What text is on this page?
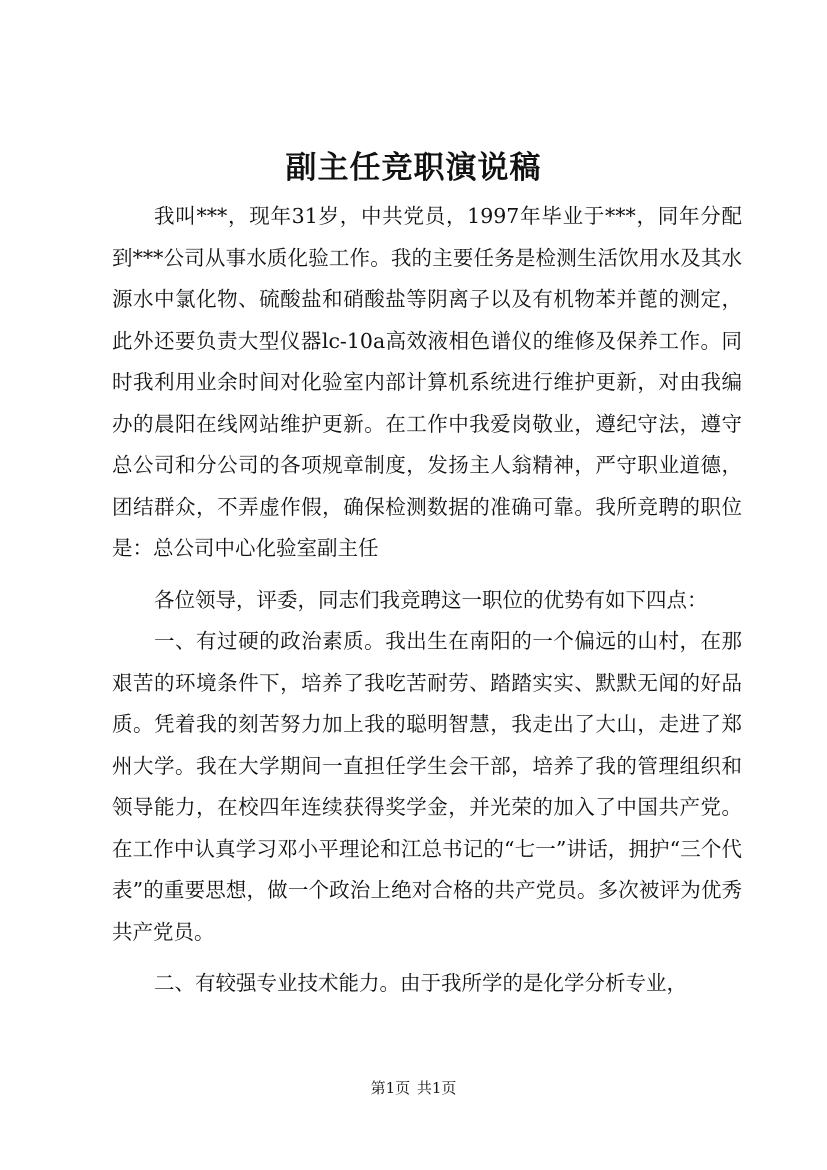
副主任竞职演说稿

我叫***，现年31岁，中共党员，1997年毕业于***，同年分配到***公司从事水质化验工作。我的主要任务是检测生活饮用水及其水源水中氯化物、硫酸盐和硝酸盐等阴离子以及有机物苯并蓖的测定，此外还要负责大型仪器lc-10a高效液相色谱仪的维修及保养工作。同时我利用业余时间对化验室内部计算机系统进行维护更新，对由我编办的晨阳在线网站维护更新。在工作中我爱岗敬业，遵纪守法，遵守总公司和分公司的各项规章制度，发扬主人翁精神，严守职业道德，团结群众，不弄虚作假，确保检测数据的准确可靠。我所竞聘的职位是：总公司中心化验室副主任

各位领导，评委，同志们我竞聘这一职位的优势有如下四点：

一、有过硬的政治素质。我出生在南阳的一个偏远的山村，在那艰苦的环境条件下，培养了我吃苦耐劳、踏踏实实、默默无闻的好品质。凭着我的刻苦努力加上我的聪明智慧，我走出了大山，走进了郑州大学。我在大学期间一直担任学生会干部，培养了我的管理组织和领导能力，在校四年连续获得奖学金，并光荣的加入了中国共产党。在工作中认真学习邓小平理论和江总书记的“七一”讲话，拥护“三个代表”的重要思想，做一个政治上绝对合格的共产党员。多次被评为优秀共产党员。

二、有较强专业技术能力。由于我所学的是化学分析专业，

第1页 共1页
